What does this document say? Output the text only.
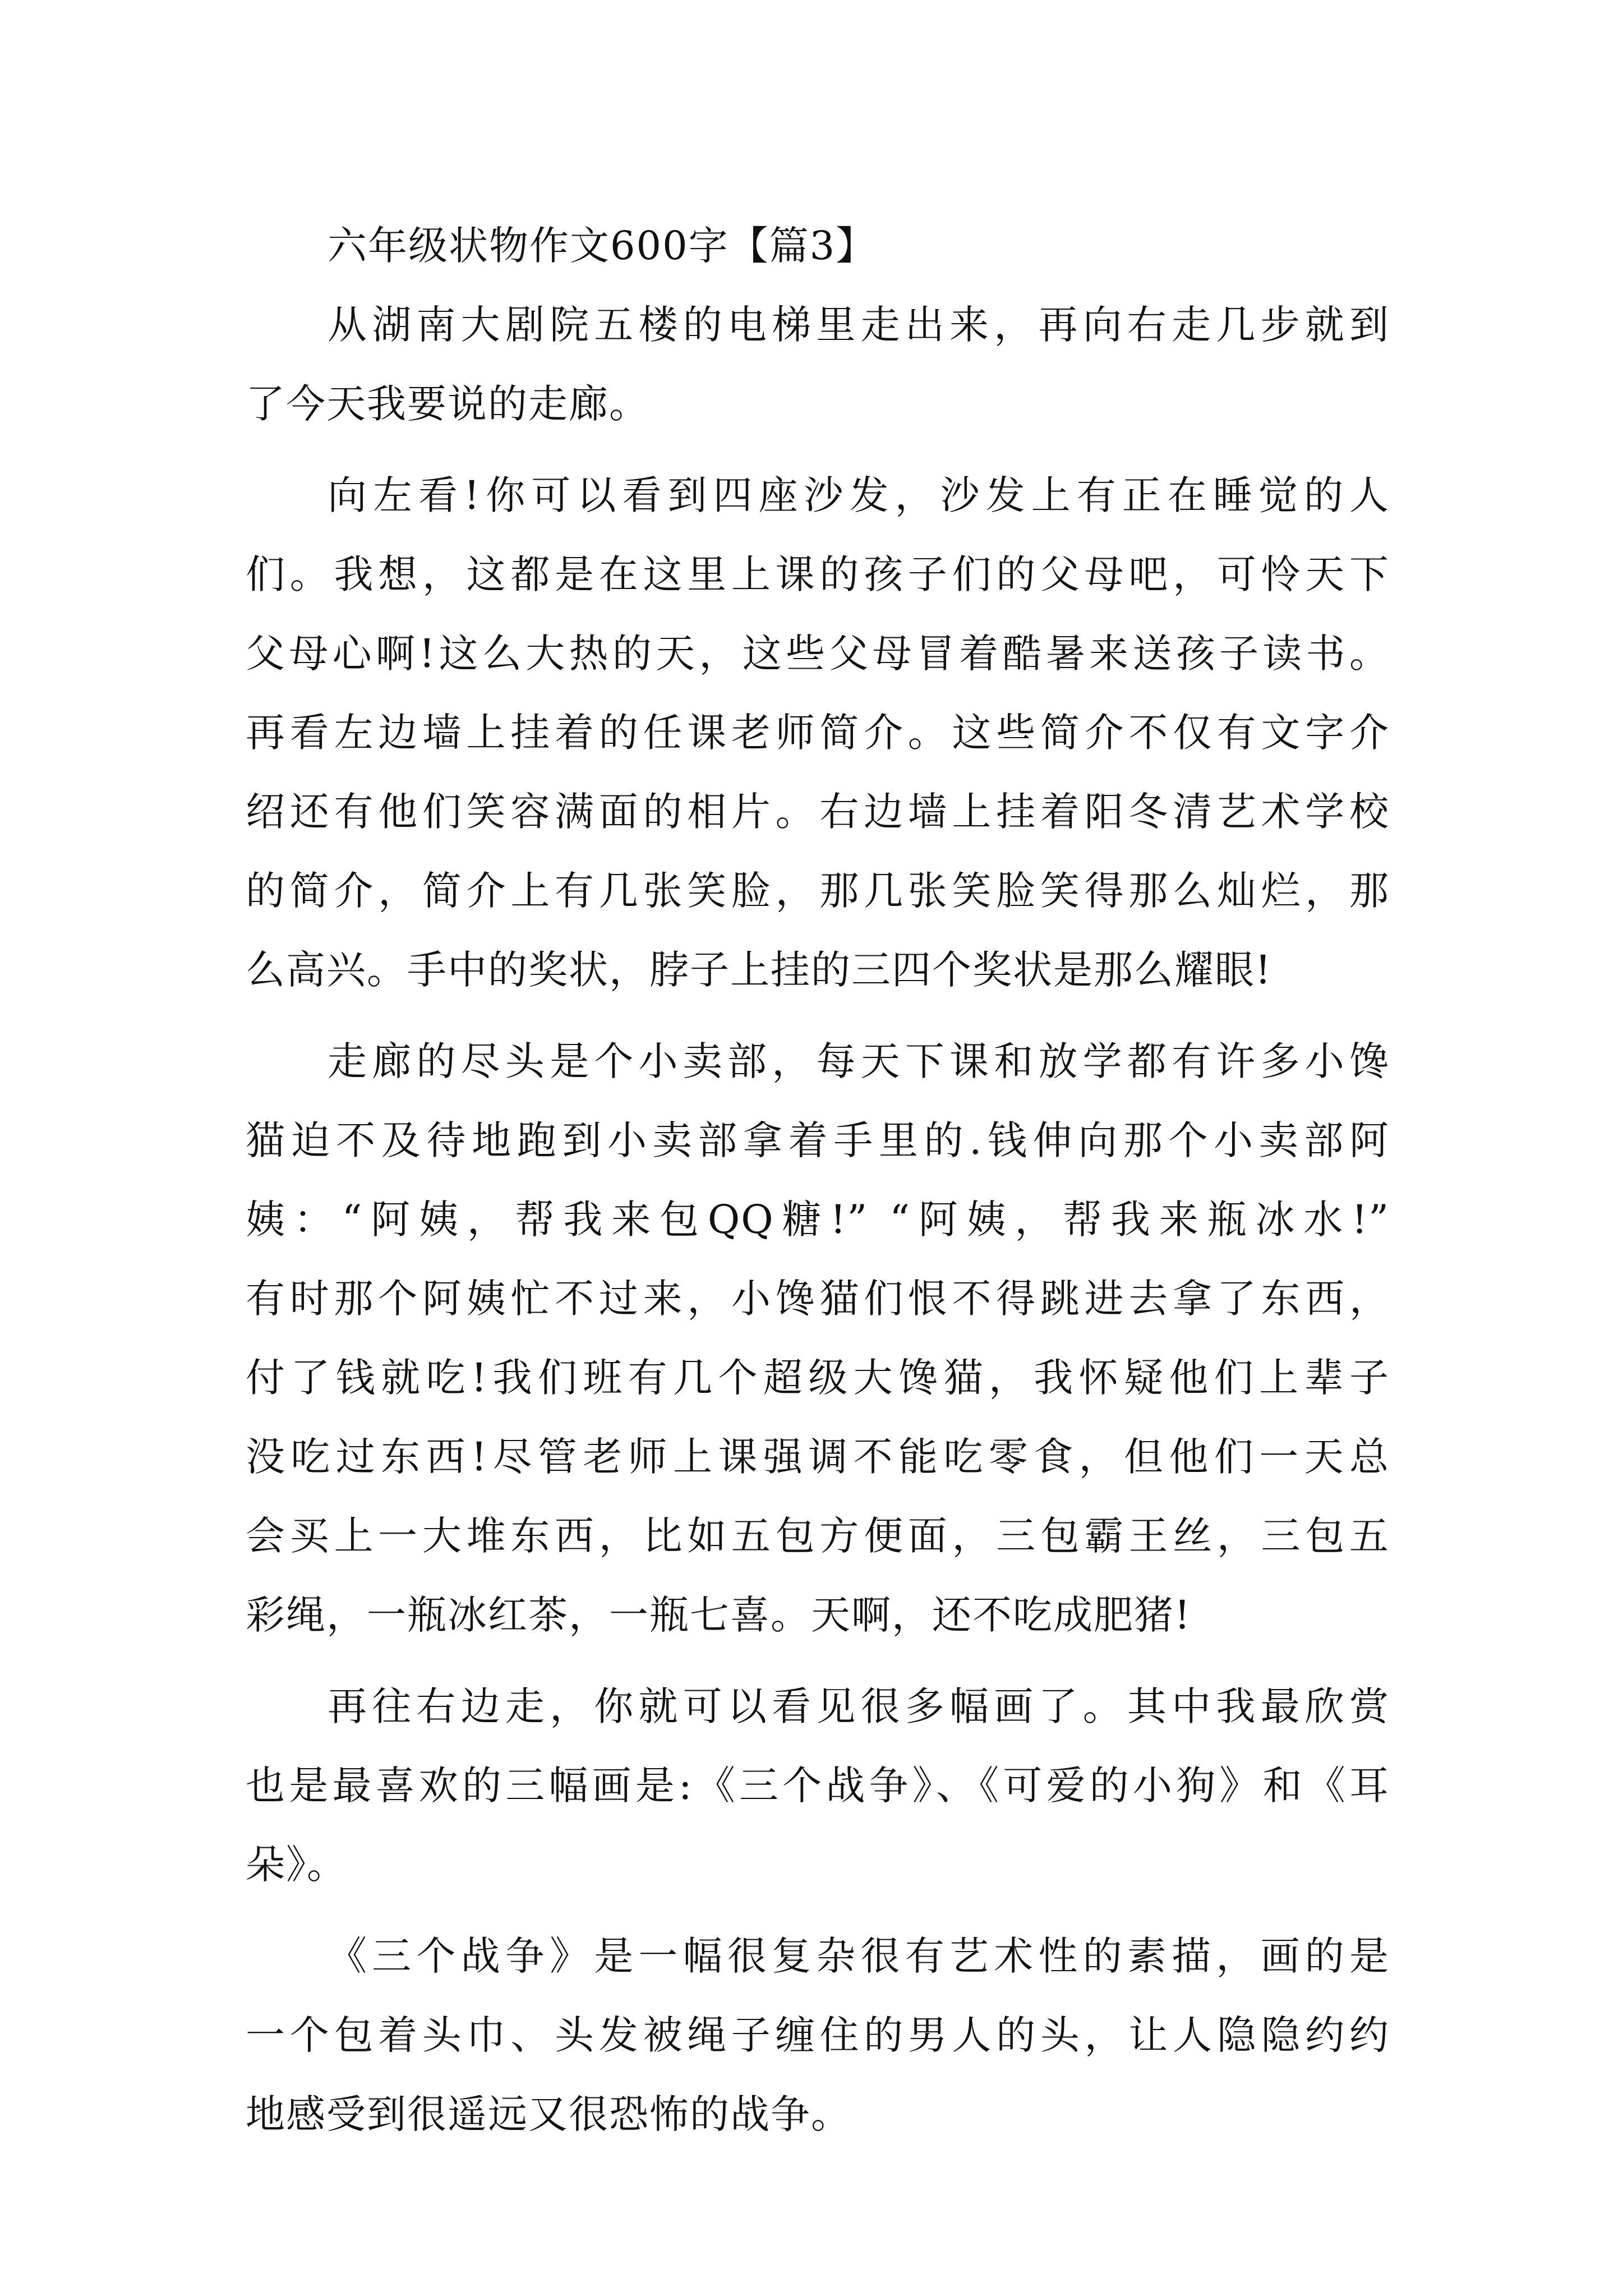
六年级状物作文600字【篇3】

从湖南大剧院五楼的电梯里走出来，再向右走几步就到
了今天我要说的走廊。

向左看!你可以看到四座沙发，沙发上有正在睡觉的人
们。我想，这都是在这里上课的孩子们的父母吧，可怜天下
父母心啊!这么大热的天，这些父母冒着酷暑来送孩子读书。
再看左边墙上挂着的任课老师简介。这些简介不仅有文字介
绍还有他们笑容满面的相片。右边墙上挂着阳冬清艺术学校
的简介，简介上有几张笑脸，那几张笑脸笑得那么灿烂，那
么高兴。手中的奖状，脖子上挂的三四个奖状是那么耀眼!

走廊的尽头是个小卖部，每天下课和放学都有许多小馋
猫迫不及待地跑到小卖部拿着手里的.钱伸向那个小卖部阿
姨：“阿姨，帮我来包QQ糖!” “阿姨，帮我来瓶冰水!”
有时那个阿姨忙不过来，小馋猫们恨不得跳进去拿了东西，
付了钱就吃!我们班有几个超级大馋猫，我怀疑他们上辈子
没吃过东西!尽管老师上课强调不能吃零食，但他们一天总
会买上一大堆东西，比如五包方便面，三包霸王丝，三包五
彩绳，一瓶冰红茶，一瓶七喜。天啊，还不吃成肥猪!

再往右边走，你就可以看见很多幅画了。其中我最欣赏
也是最喜欢的三幅画是:《三个战争》、《可爱的小狗》和《耳
朵》。

《三个战争》是一幅很复杂很有艺术性的素描，画的是
一个包着头巾、头发被绳子缠住的男人的头，让人隐隐约约
地感受到很遥远又很恐怖的战争。
